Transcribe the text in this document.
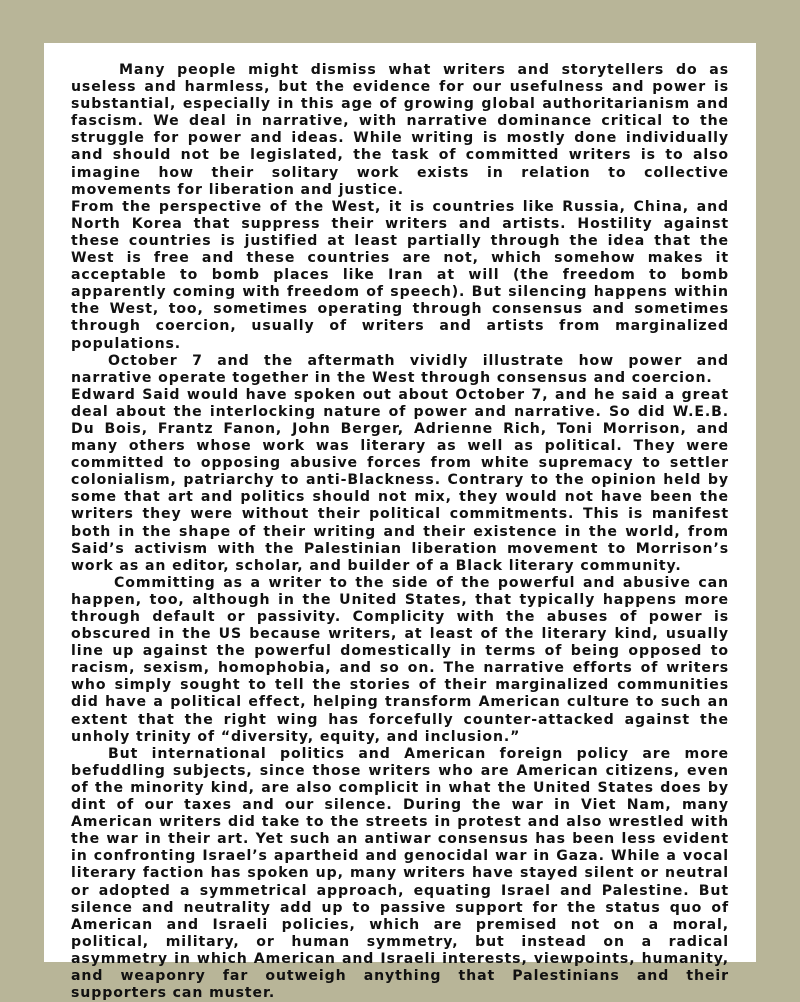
Many people might dismiss what writers and storytellers do as useless and harmless, but the evidence for our usefulness and power is substantial, especially in this age of growing global authoritarianism and fascism. We deal in narrative, with narrative dominance critical to the struggle for power and ideas. While writing is mostly done individually and should not be legislated, the task of committed writers is to also imagine how their solitary work exists in relation to collective movements for liberation and justice.

From the perspective of the West, it is countries like Russia, China, and North Korea that suppress their writers and artists. Hostility against these countries is justified at least partially through the idea that the West is free and these countries are not, which somehow makes it acceptable to bomb places like Iran at will (the freedom to bomb apparently coming with freedom of speech). But silencing happens within the West, too, sometimes operating through consensus and sometimes through coercion, usually of writers and artists from marginalized populations.

October 7 and the aftermath vividly illustrate how power and narrative operate together in the West through consensus and coercion.

Edward Said would have spoken out about October 7, and he said a great deal about the interlocking nature of power and narrative. So did W.E.B. Du Bois, Frantz Fanon, John Berger, Adrienne Rich, Toni Morrison, and many others whose work was literary as well as political. They were committed to opposing abusive forces from white supremacy to settler colonialism, patriarchy to anti-Blackness. Contrary to the opinion held by some that art and politics should not mix, they would not have been the writers they were without their political commitments. This is manifest both in the shape of their writing and their existence in the world, from Said’s activism with the Palestinian liberation movement to Morrison’s work as an editor, scholar, and builder of a Black literary community.

Committing as a writer to the side of the powerful and abusive can happen, too, although in the United States, that typically happens more through default or passivity. Complicity with the abuses of power is obscured in the US because writers, at least of the literary kind, usually line up against the powerful domestically in terms of being opposed to racism, sexism, homophobia, and so on. The narrative efforts of writers who simply sought to tell the stories of their marginalized communities did have a political effect, helping transform American culture to such an extent that the right wing has forcefully counter-attacked against the unholy trinity of “diversity, equity, and inclusion.”

But international politics and American foreign policy are more befuddling subjects, since those writers who are American citizens, even of the minority kind, are also complicit in what the United States does by dint of our taxes and our silence. During the war in Viet Nam, many American writers did take to the streets in protest and also wrestled with the war in their art. Yet such an antiwar consensus has been less evident in confronting Israel’s apartheid and genocidal war in Gaza. While a vocal literary faction has spoken up, many writers have stayed silent or neutral or adopted a symmetrical approach, equating Israel and Palestine. But silence and neutrality add up to passive support for the status quo of American and Israeli policies, which are premised not on a moral, political, military, or human symmetry, but instead on a radical asymmetry in which American and Israeli interests, viewpoints, humanity, and weaponry far outweigh anything that Palestinians and their supporters can muster.
